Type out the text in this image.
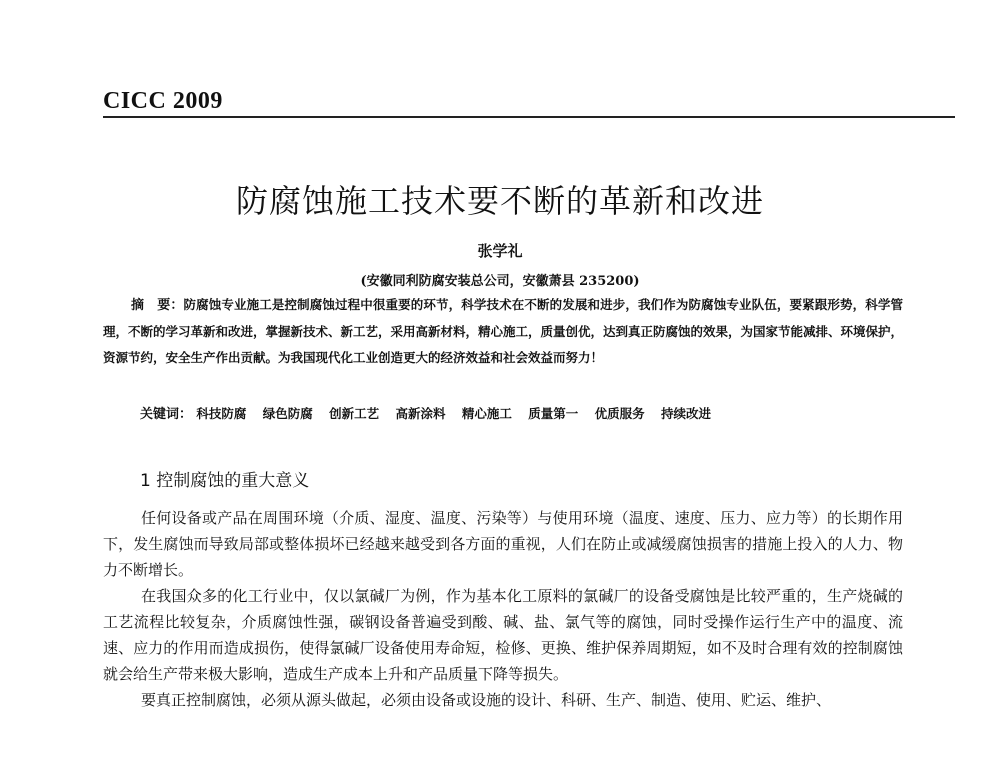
CICC 2009
防腐蚀施工技术要不断的革新和改进
张学礼
(安徽同利防腐安装总公司，安徽萧县 235200)

摘　要：防腐蚀专业施工是控制腐蚀过程中很重要的环节，科学技术在不断的发展和进步，我们作为防腐蚀专业队伍，要紧跟形势，科学管理，不断的学习革新和改进，掌握新技术、新工艺，采用高新材料，精心施工，质量创优，达到真正防腐蚀的效果，为国家节能减排、环境保护，资源节约，安全生产作出贡献。为我国现代化工业创造更大的经济效益和社会效益而努力！

关键词： 科技防腐 绿色防腐 创新工艺 高新涂料 精心施工 质量第一 优质服务 持续改进
1 控制腐蚀的重大意义

任何设备或产品在周围环境（介质、湿度、温度、污染等）与使用环境（温度、速度、压力、应力等）的长期作用下，发生腐蚀而导致局部或整体损坏已经越来越受到各方面的重视，人们在防止或减缓腐蚀损害的措施上投入的人力、物力不断增长。

在我国众多的化工行业中，仅以氯碱厂为例，作为基本化工原料的氯碱厂的设备受腐蚀是比较严重的，生产烧碱的工艺流程比较复杂，介质腐蚀性强，碳钢设备普遍受到酸、碱、盐、氯气等的腐蚀，同时受操作运行生产中的温度、流速、应力的作用而造成损伤，使得氯碱厂设备使用寿命短，检修、更换、维护保养周期短，如不及时合理有效的控制腐蚀就会给生产带来极大影响，造成生产成本上升和产品质量下降等损失。

要真正控制腐蚀，必须从源头做起，必须由设备或设施的设计、科研、生产、制造、使用、贮运、维护、
